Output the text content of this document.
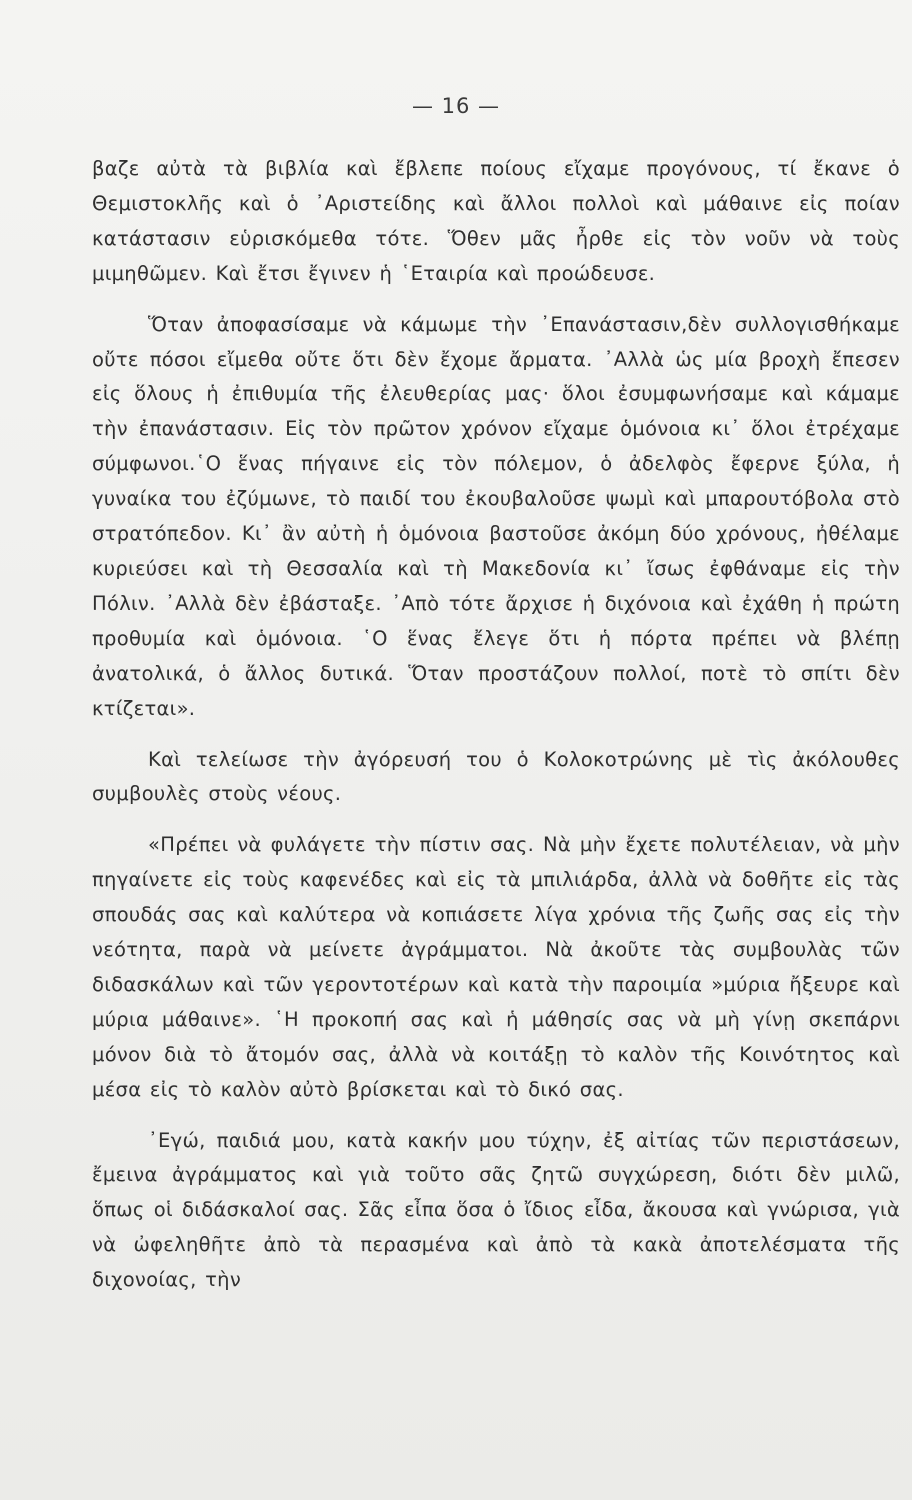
— 16 —

βαζε αὐτὰ τὰ βιβλία καὶ ἔβλεπε ποίους εἴχαμε προγόνους, τί ἔκανε ὁ Θεμιστοκλῆς καὶ ὁ ᾿Αριστείδης καὶ ἄλλοι πολλοὶ καὶ μάθαινε εἰς ποίαν κατάστασιν εὑρισκόμεθα τότε. Ὅθεν μᾶς ἦρθε εἰς τὸν νοῦν νὰ τοὺς μιμηθῶμεν. Καὶ ἔτσι ἔγινεν ἡ ῾Εταιρία καὶ προώδευσε.

Ὅταν ἀποφασίσαμε νὰ κάμωμε τὴν ᾿Επανάστασιν,δὲν συλλογισθήκαμε οὔτε πόσοι εἴμεθα οὔτε ὅτι δὲν ἔχομε ἄρματα. ᾿Αλλὰ ὡς μία βροχὴ ἔπεσεν εἰς ὅλους ἡ ἐπιθυμία τῆς ἐλευθερίας μας· ὅλοι ἐσυμφωνήσαμε καὶ κάμαμε τὴν ἐπανάστασιν. Εἰς τὸν πρῶτον χρόνον εἴχαμε ὁμόνοια κι᾿ ὅλοι ἐτρέχαμε σύμφωνοι.῾Ο ἕνας πήγαινε εἰς τὸν πόλεμον, ὁ ἀδελφὸς ἔφερνε ξύλα, ἡ γυναίκα του ἐζύμωνε, τὸ παιδί του ἐκουβαλοῦσε ψωμὶ καὶ μπαρουτόβολα στὸ στρατόπεδον. Κι᾿ ἂν αὐτὴ ἡ ὁμόνοια βαστοῦσε ἀκόμη δύο χρόνους, ἠθέλαμε κυριεύσει καὶ τὴ Θεσσαλία καὶ τὴ Μακεδονία κι᾿ ἴσως ἐφθάναμε εἰς τὴν Πόλιν. ᾿Αλλὰ δὲν ἐβάσταξε. ᾿Απὸ τότε ἄρχισε ἡ διχόνοια καὶ ἐχάθη ἡ πρώτη προθυμία καὶ ὁμόνοια. ῾Ο ἕνας ἔλεγε ὅτι ἡ πόρτα πρέπει νὰ βλέπῃ ἀνατολικά, ὁ ἄλλος δυτικά. Ὅταν προστάζουν πολλοί, ποτὲ τὸ σπίτι δὲν κτίζεται».

Καὶ τελείωσε τὴν ἀγόρευσή του ὁ Κολοκοτρώνης μὲ τὶς ἀκόλουθες συμβουλὲς στοὺς νέους.

«Πρέπει νὰ φυλάγετε τὴν πίστιν σας. Νὰ μὴν ἔχετε πολυτέλειαν, νὰ μὴν πηγαίνετε εἰς τοὺς καφενέδες καὶ εἰς τὰ μπιλιάρδα, ἀλλὰ νὰ δοθῆτε εἰς τὰς σπουδάς σας καὶ καλύτερα νὰ κοπιάσετε λίγα χρόνια τῆς ζωῆς σας εἰς τὴν νεότητα, παρὰ νὰ μείνετε ἀγράμματοι. Νὰ ἀκοῦτε τὰς συμβουλὰς τῶν διδασκάλων καὶ τῶν γεροντοτέρων καὶ κατὰ τὴν παροιμία »μύρια ἤξευρε καὶ μύρια μάθαινε». ῾Η προκοπή σας καὶ ἡ μάθησίς σας νὰ μὴ γίνῃ σκεπάρνι μόνον διὰ τὸ ἄτομόν σας, ἀλλὰ νὰ κοιτάξῃ τὸ καλὸν τῆς Κοινότητος καὶ μέσα εἰς τὸ καλὸν αὐτὸ βρίσκεται καὶ τὸ δικό σας.

᾿Εγώ, παιδιά μου, κατὰ κακήν μου τύχην, ἐξ αἰτίας τῶν περιστάσεων, ἔμεινα ἀγράμματος καὶ γιὰ τοῦτο σᾶς ζητῶ συγχώρεση, διότι δὲν μιλῶ, ὅπως οἱ διδάσκαλοί σας. Σᾶς εἶπα ὅσα ὁ ἴδιος εἶδα, ἄκουσα καὶ γνώρισα, γιὰ νὰ ὠφεληθῆτε ἀπὸ τὰ περασμένα καὶ ἀπὸ τὰ κακὰ ἀποτελέσματα τῆς διχονοίας, τὴν
